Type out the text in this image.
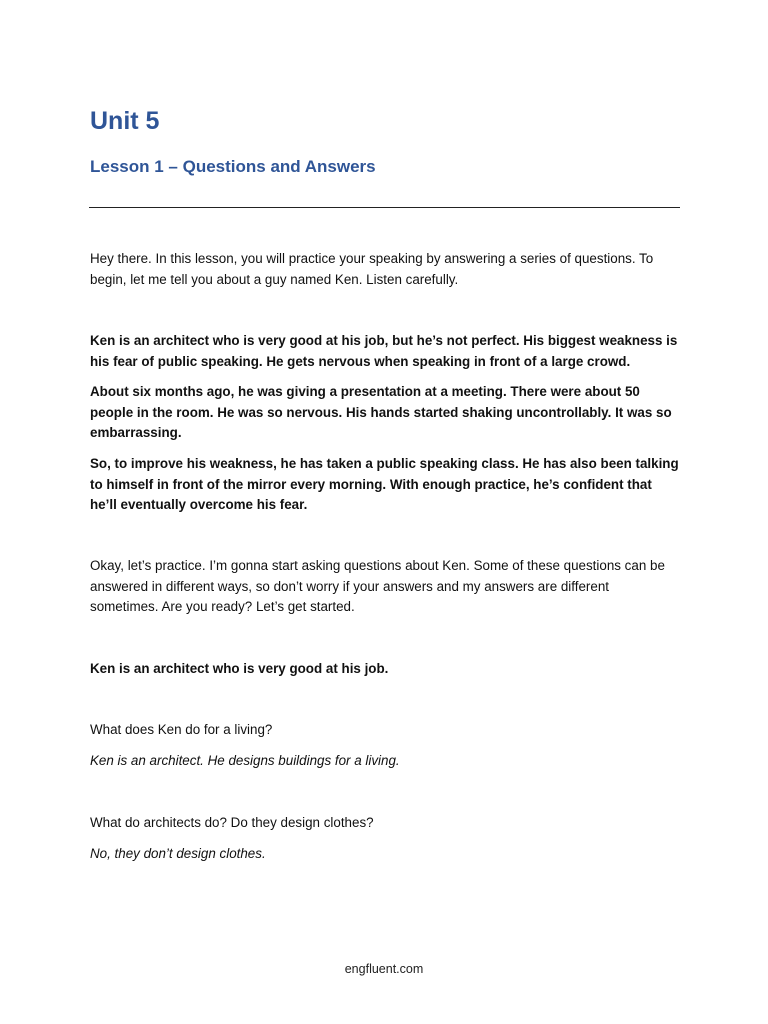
Unit 5
Lesson 1 – Questions and Answers

Hey there. In this lesson, you will practice your speaking by answering a series of questions. To begin, let me tell you about a guy named Ken. Listen carefully.

Ken is an architect who is very good at his job, but he’s not perfect. His biggest weakness is his fear of public speaking. He gets nervous when speaking in front of a large crowd.

About six months ago, he was giving a presentation at a meeting. There were about 50 people in the room. He was so nervous. His hands started shaking uncontrollably. It was so embarrassing.

So, to improve his weakness, he has taken a public speaking class. He has also been talking to himself in front of the mirror every morning. With enough practice, he’s confident that he’ll eventually overcome his fear.

Okay, let’s practice. I’m gonna start asking questions about Ken. Some of these questions can be answered in different ways, so don’t worry if your answers and my answers are different sometimes. Are you ready? Let’s get started.

Ken is an architect who is very good at his job.

What does Ken do for a living?

Ken is an architect. He designs buildings for a living.

What do architects do? Do they design clothes?

No, they don’t design clothes.

engfluent.com
